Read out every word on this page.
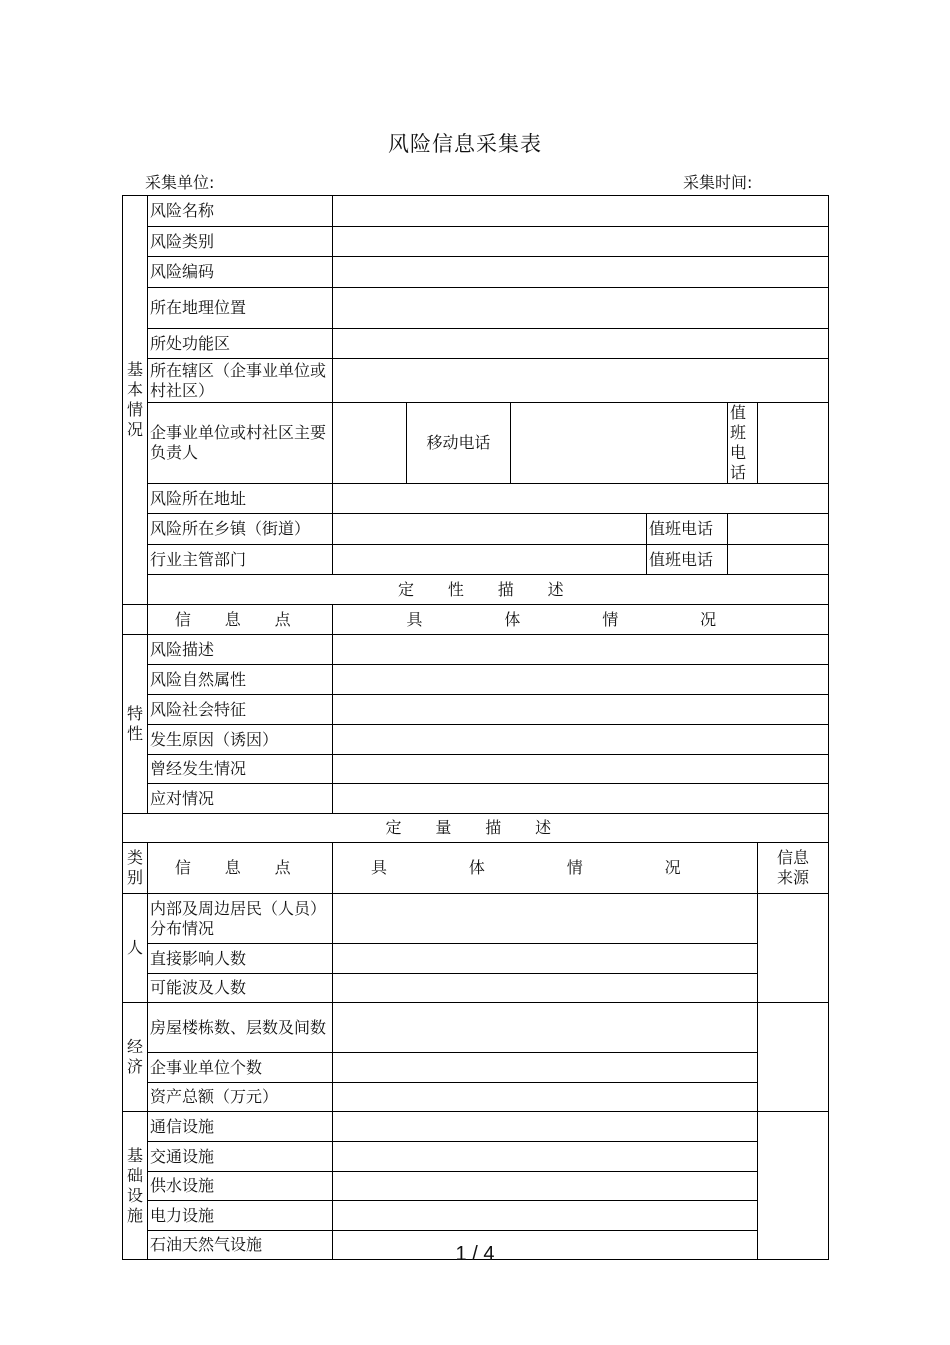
风险信息采集表
采集单位:	采集时间:
基
本
情
况	风险名称						
	风险类别						
	风险编码						
	所在地理位置						
	所处功能区						
	所在辖区（企事业单位或村社区）						
	企事业单位或村社区主要负责人		移动电话			值班电话	
	风险所在地址						
	风险所在乡镇（街道）				值班电话		
	行业主管部门				值班电话		
	定 性 描 述						
	信 息 点	具 体 情 况					
特
性	风险描述						
	风险自然属性						
	风险社会特征						
	发生原因（诱因）						
	曾经发生情况						
	应对情况						
定 量 描 述							
类
别	信 息 点	具 体 情 况					信息
来源
人	内部及周边居民（人员）分布情况						
	直接影响人数						
	可能波及人数						
经
济	房屋楼栋数、层数及间数						
	企事业单位个数						
	资产总额（万元）						
基
础
设
施	通信设施						
	交通设施						
	供水设施						
	电力设施						
	石油天然气设施							1 / 4
